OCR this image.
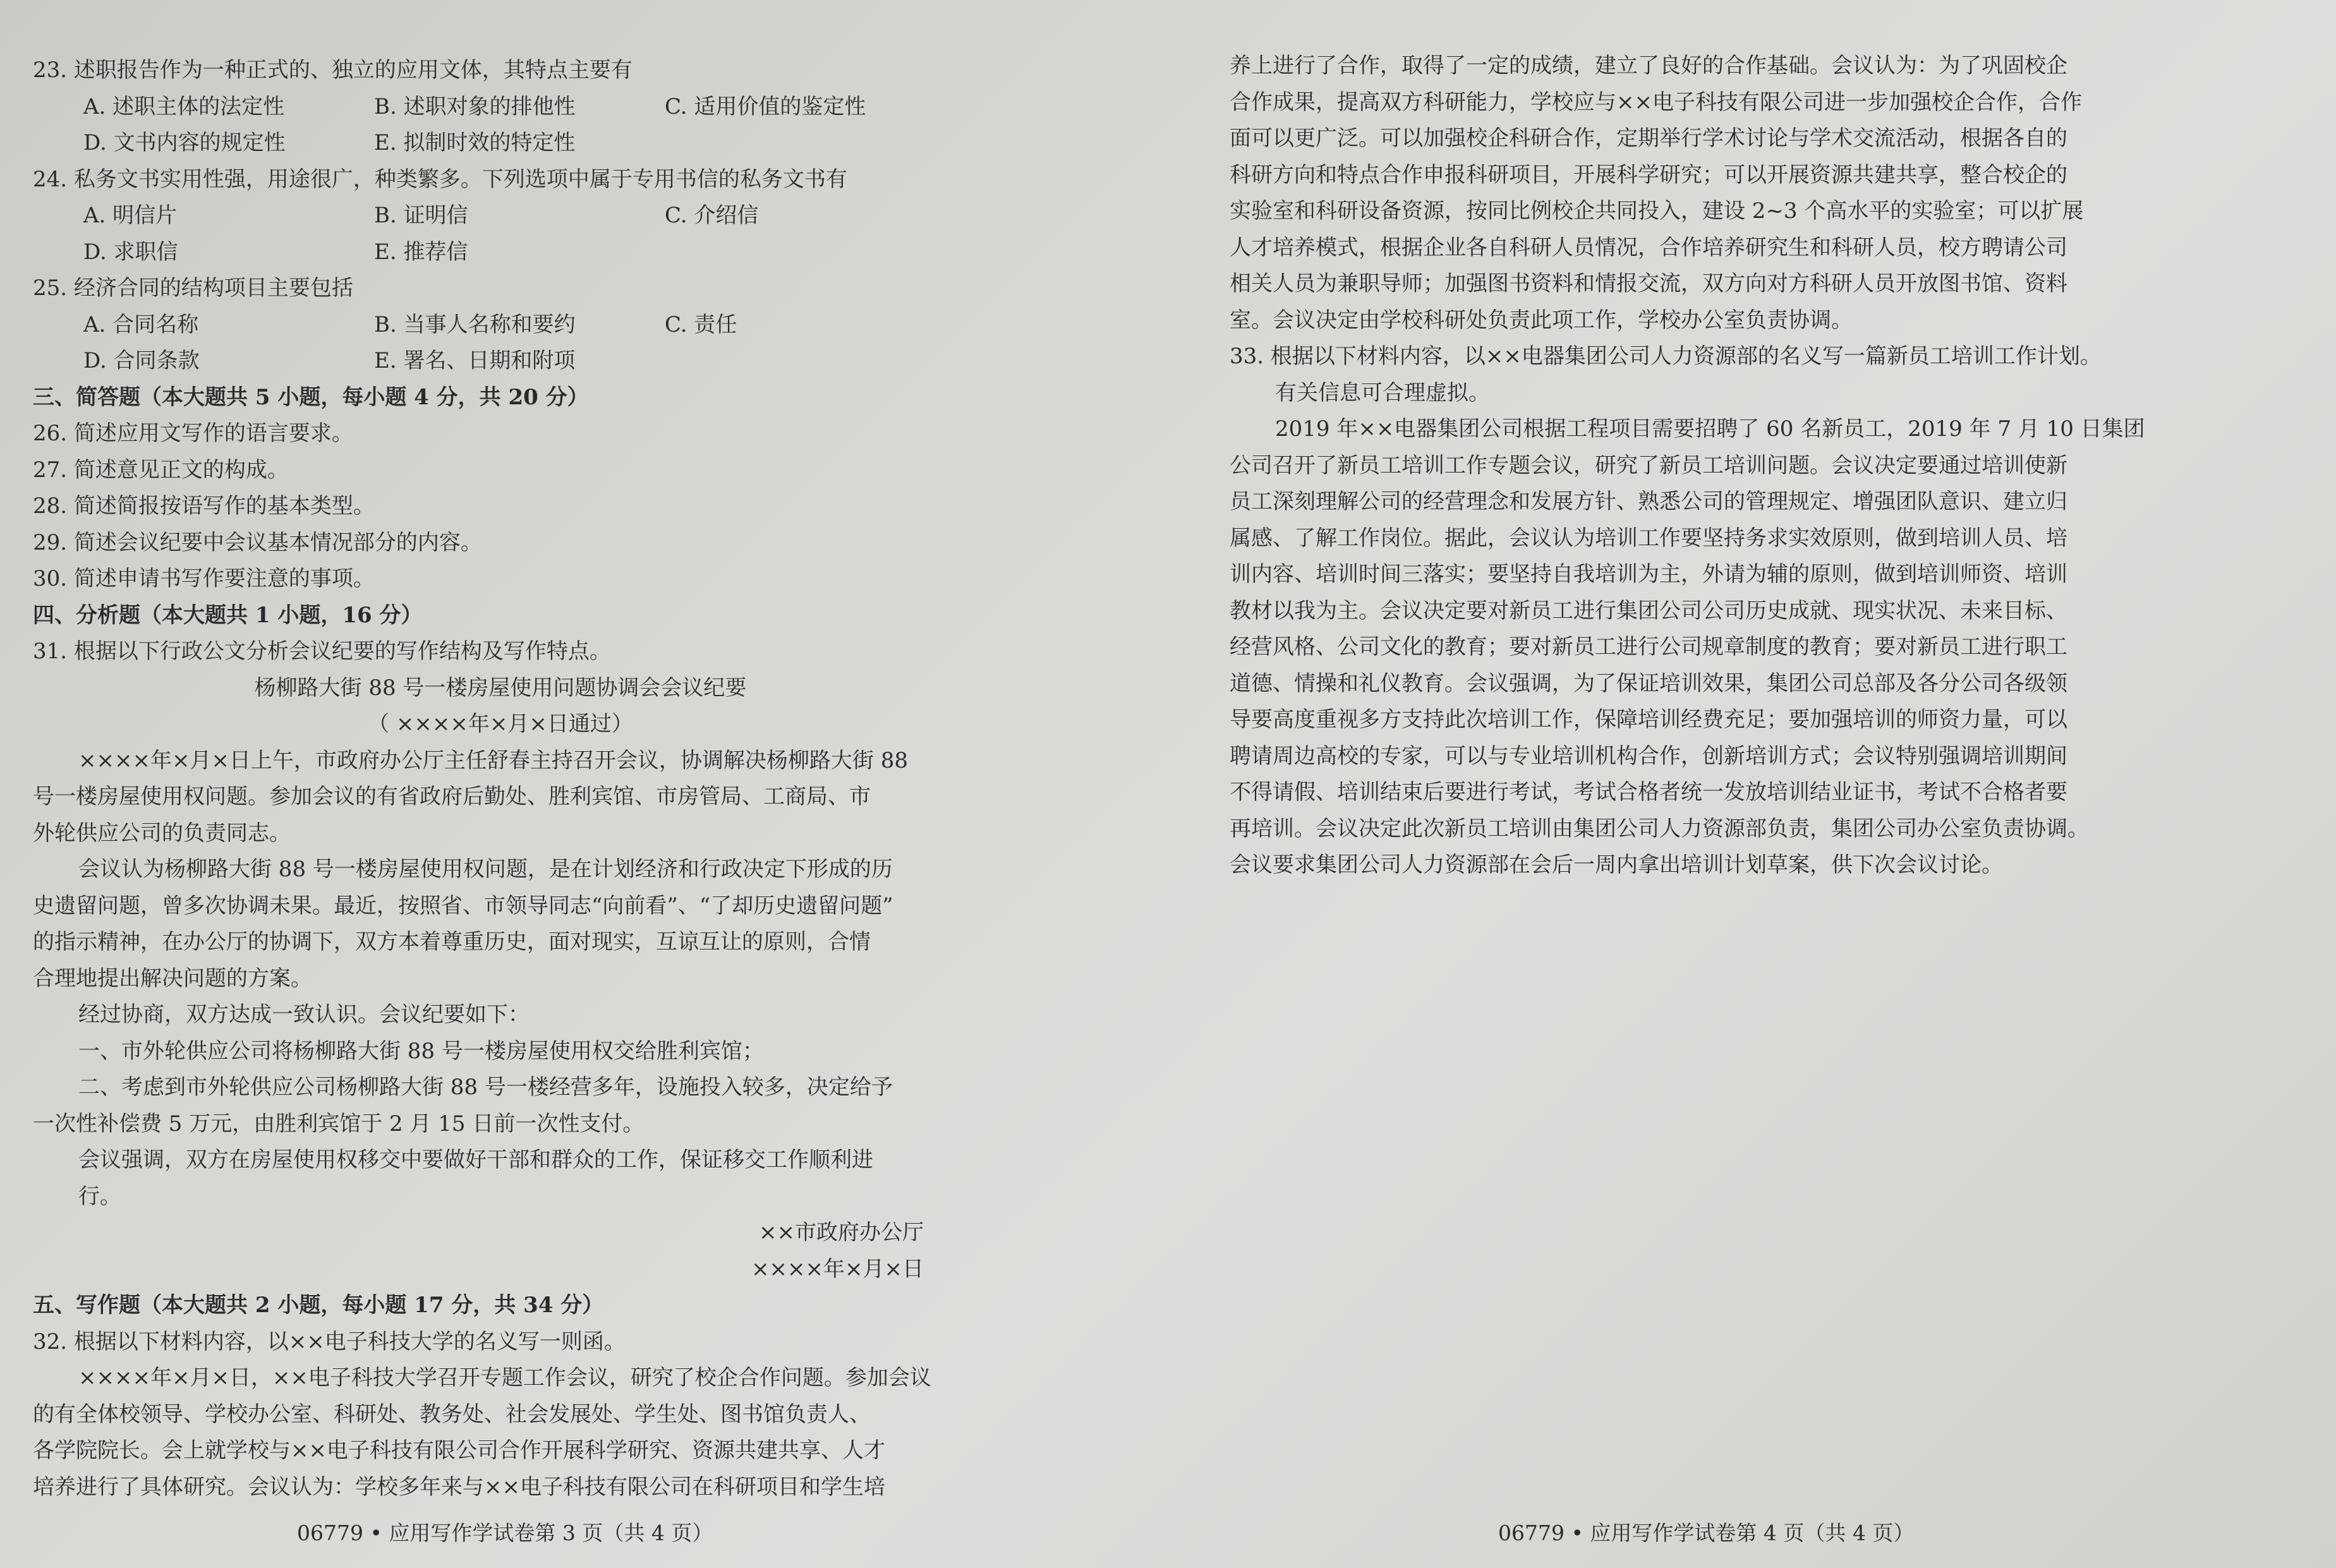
23. 述职报告作为一种正式的、独立的应用文体，其特点主要有
A. 述职主体的法定性	B. 述职对象的排他性	C. 适用价值的鉴定性
D. 文书内容的规定性	E. 拟制时效的特定性
24. 私务文书实用性强，用途很广，种类繁多。下列选项中属于专用书信的私务文书有
A. 明信片	B. 证明信	C. 介绍信
D. 求职信	E. 推荐信
25. 经济合同的结构项目主要包括
A. 合同名称	B. 当事人名称和要约	C. 责任
D. 合同条款	E. 署名、日期和附项
三、简答题（本大题共 5 小题，每小题 4 分，共 20 分）
26. 简述应用文写作的语言要求。
27. 简述意见正文的构成。
28. 简述简报按语写作的基本类型。
29. 简述会议纪要中会议基本情况部分的内容。
30. 简述申请书写作要注意的事项。
四、分析题（本大题共 1 小题，16 分）
31. 根据以下行政公文分析会议纪要的写作结构及写作特点。
杨柳路大街 88 号一楼房屋使用问题协调会会议纪要
（ ××××年×月×日通过）
××××年×月×日上午，市政府办公厅主任舒春主持召开会议，协调解决杨柳路大街 88
号一楼房屋使用权问题。参加会议的有省政府后勤处、胜利宾馆、市房管局、工商局、市
外轮供应公司的负责同志。
会议认为杨柳路大街 88 号一楼房屋使用权问题，是在计划经济和行政决定下形成的历
史遗留问题，曾多次协调未果。最近，按照省、市领导同志“向前看”、“了却历史遗留问题”
的指示精神，在办公厅的协调下，双方本着尊重历史，面对现实，互谅互让的原则，合情
合理地提出解决问题的方案。
经过协商，双方达成一致认识。会议纪要如下：
一、市外轮供应公司将杨柳路大街 88 号一楼房屋使用权交给胜利宾馆；
二、考虑到市外轮供应公司杨柳路大街 88 号一楼经营多年，设施投入较多，决定给予
一次性补偿费 5 万元，由胜利宾馆于 2 月 15 日前一次性支付。
会议强调，双方在房屋使用权移交中要做好干部和群众的工作，保证移交工作顺利进
行。
××市政府办公厅
××××年×月×日
五、写作题（本大题共 2 小题，每小题 17 分，共 34 分）
32. 根据以下材料内容，以××电子科技大学的名义写一则函。
××××年×月×日，××电子科技大学召开专题工作会议，研究了校企合作问题。参加会议
的有全体校领导、学校办公室、科研处、教务处、社会发展处、学生处、图书馆负责人、
各学院院长。会上就学校与××电子科技有限公司合作开展科学研究、资源共建共享、人才
培养进行了具体研究。会议认为：学校多年来与××电子科技有限公司在科研项目和学生培
06779 • 应用写作学试卷第 3 页（共 4 页）
养上进行了合作，取得了一定的成绩，建立了良好的合作基础。会议认为：为了巩固校企
合作成果，提高双方科研能力，学校应与××电子科技有限公司进一步加强校企合作，合作
面可以更广泛。可以加强校企科研合作，定期举行学术讨论与学术交流活动，根据各自的
科研方向和特点合作申报科研项目，开展科学研究；可以开展资源共建共享，整合校企的
实验室和科研设备资源，按同比例校企共同投入，建设 2~3 个高水平的实验室；可以扩展
人才培养模式，根据企业各自科研人员情况，合作培养研究生和科研人员，校方聘请公司
相关人员为兼职导师；加强图书资料和情报交流，双方向对方科研人员开放图书馆、资料
室。会议决定由学校科研处负责此项工作，学校办公室负责协调。
33. 根据以下材料内容，以××电器集团公司人力资源部的名义写一篇新员工培训工作计划。
有关信息可合理虚拟。
2019 年××电器集团公司根据工程项目需要招聘了 60 名新员工，2019 年 7 月 10 日集团
公司召开了新员工培训工作专题会议，研究了新员工培训问题。会议决定要通过培训使新
员工深刻理解公司的经营理念和发展方针、熟悉公司的管理规定、增强团队意识、建立归
属感、了解工作岗位。据此，会议认为培训工作要坚持务求实效原则，做到培训人员、培
训内容、培训时间三落实；要坚持自我培训为主，外请为辅的原则，做到培训师资、培训
教材以我为主。会议决定要对新员工进行集团公司公司历史成就、现实状况、未来目标、
经营风格、公司文化的教育；要对新员工进行公司规章制度的教育；要对新员工进行职工
道德、情操和礼仪教育。会议强调，为了保证培训效果，集团公司总部及各分公司各级领
导要高度重视多方支持此次培训工作，保障培训经费充足；要加强培训的师资力量，可以
聘请周边高校的专家，可以与专业培训机构合作，创新培训方式；会议特别强调培训期间
不得请假、培训结束后要进行考试，考试合格者统一发放培训结业证书，考试不合格者要
再培训。会议决定此次新员工培训由集团公司人力资源部负责，集团公司办公室负责协调。
会议要求集团公司人力资源部在会后一周内拿出培训计划草案，供下次会议讨论。
06779 • 应用写作学试卷第 4 页（共 4 页）
